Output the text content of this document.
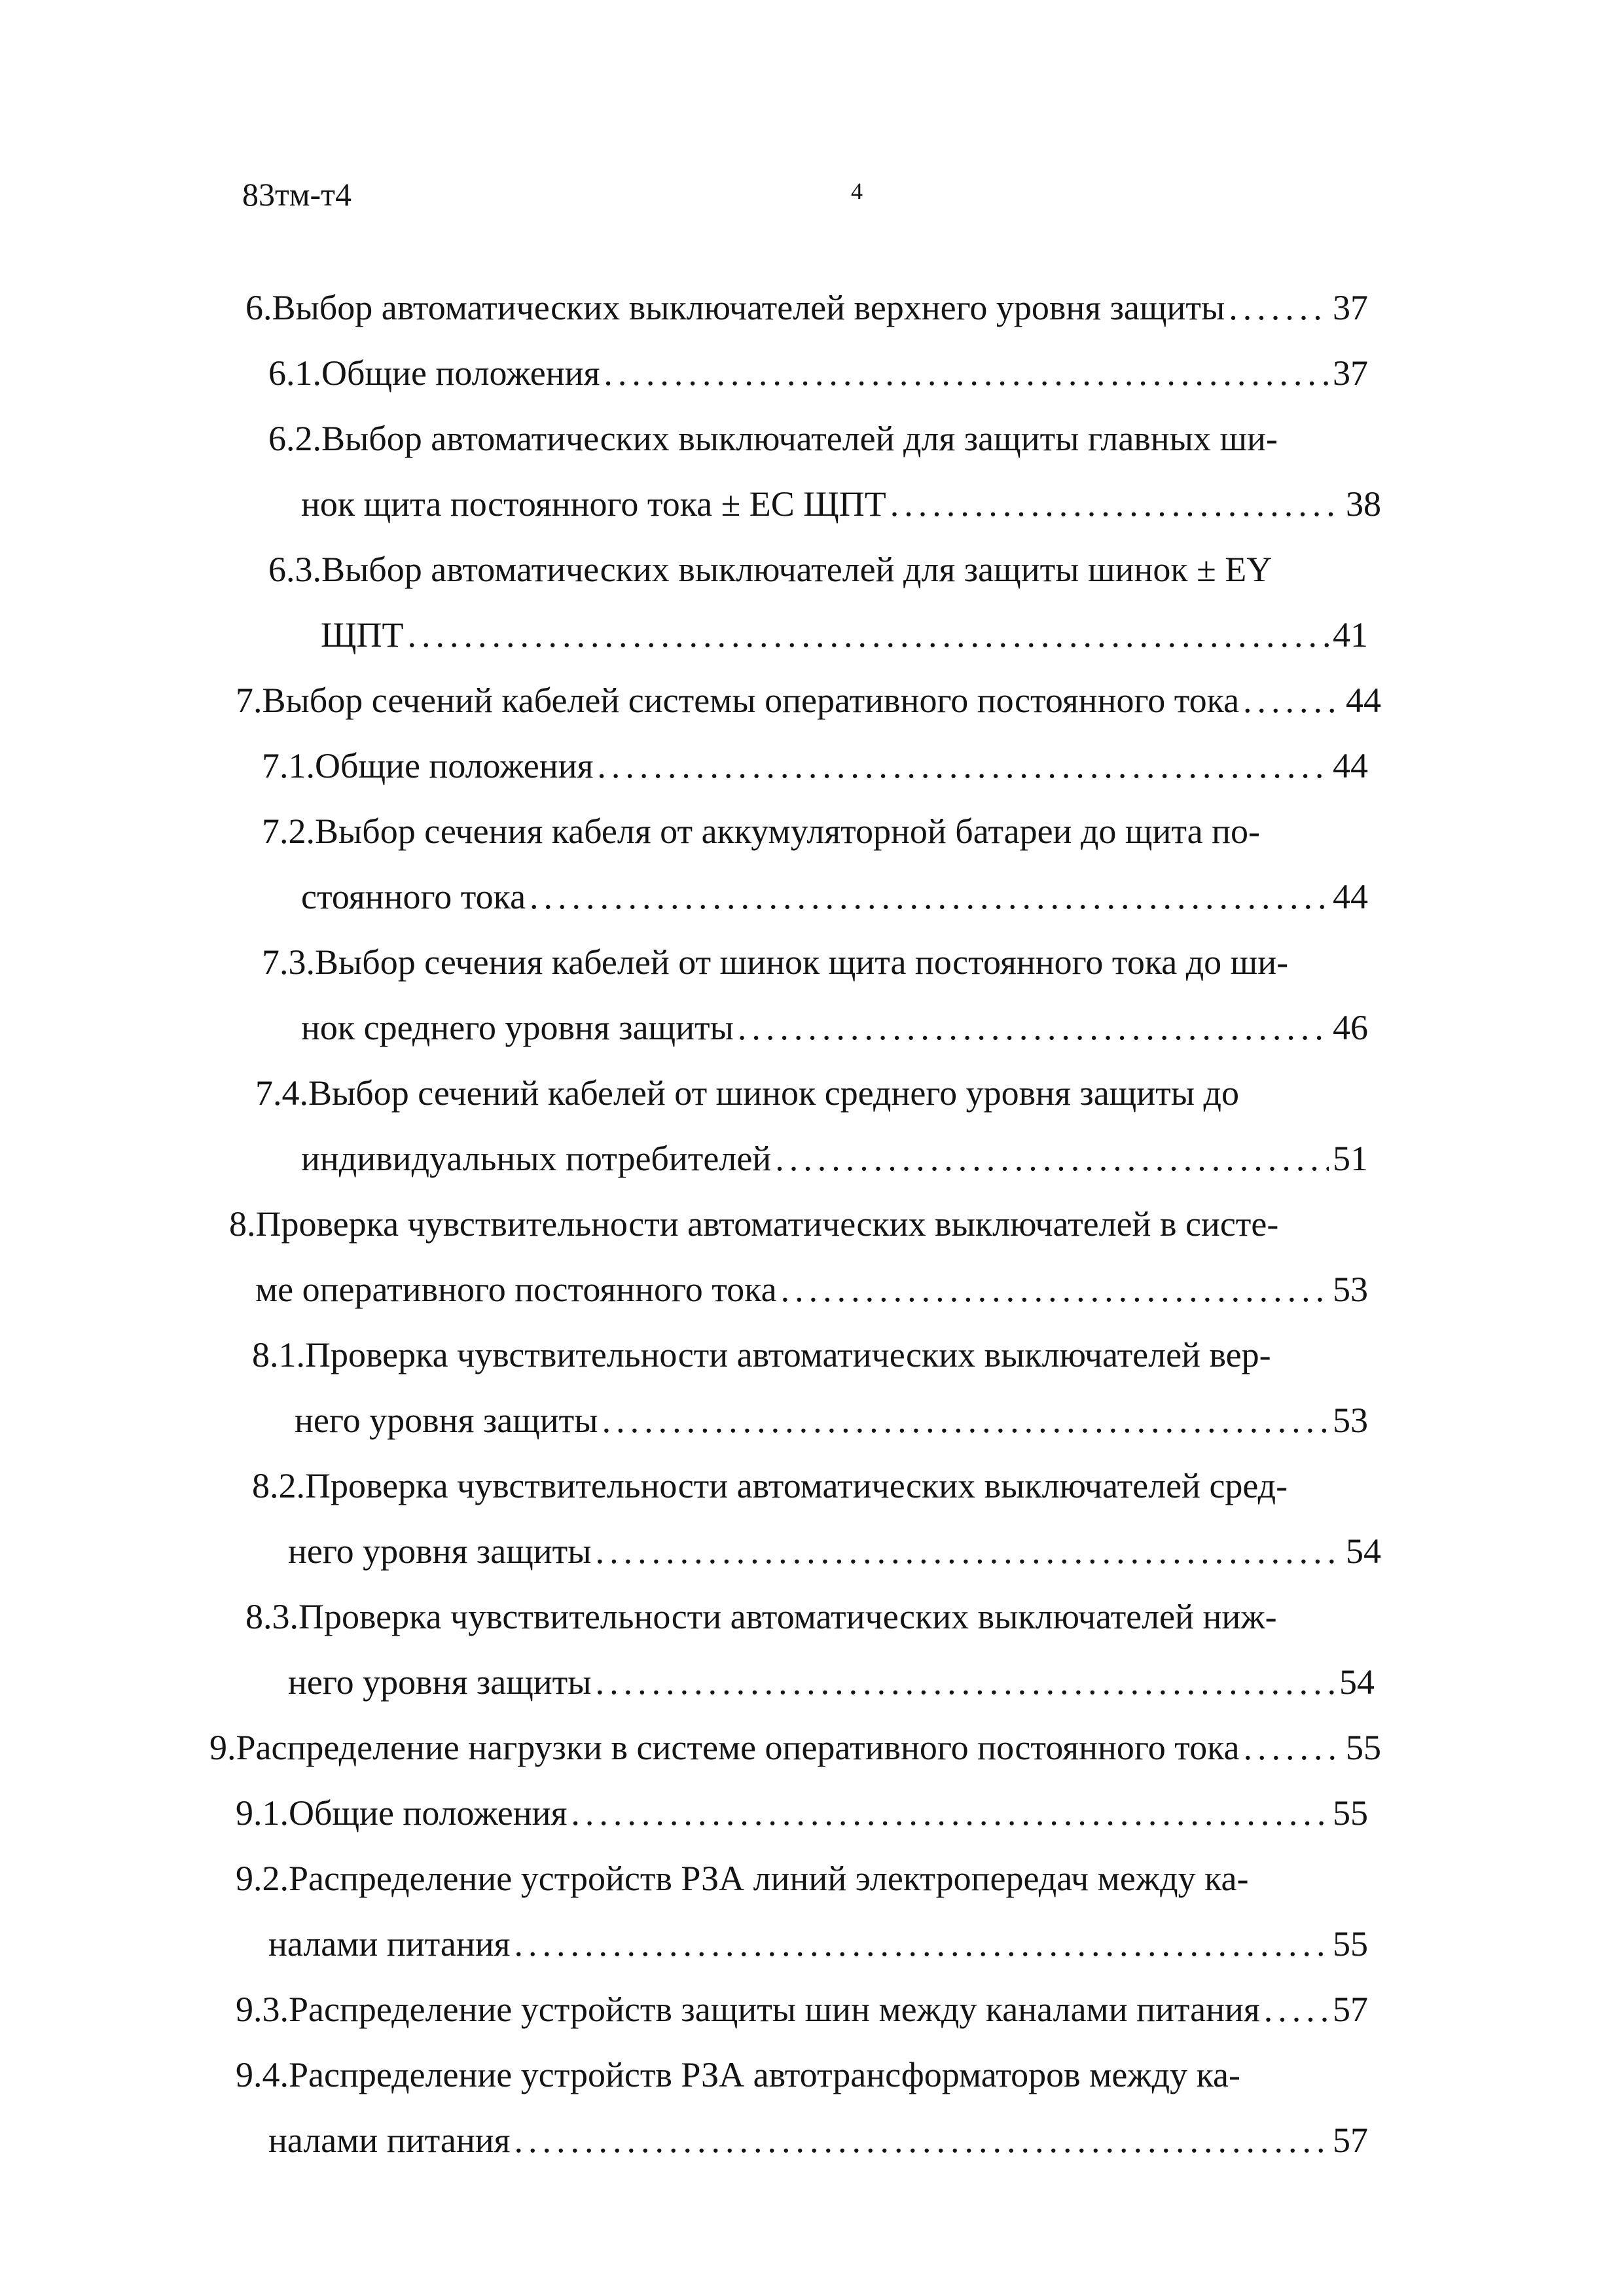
83тм-т4	4
6.Выбор автоматических выключателей верхнего уровня защиты .....	37
6.1.Общие положения .....	37
6.2.Выбор автоматических выключателей для защиты главных ши-
нок щита постоянного тока ± ЕС ЩПТ .....	38
6.3.Выбор автоматических выключателей для защиты шинок ± ЕY
ЩПТ .....	41
7.Выбор сечений кабелей системы оперативного постоянного тока .....	44
7.1.Общие положения .....	44
7.2.Выбор сечения кабеля от аккумуляторной батареи до щита по-
стоянного тока .....	44
7.3.Выбор сечения кабелей от шинок щита постоянного тока до ши-
нок среднего уровня защиты .....	46
7.4.Выбор сечений кабелей от шинок среднего уровня защиты до
индивидуальных потребителей .....	51
8.Проверка чувствительности автоматических выключателей в систе-
ме оперативного постоянного тока .....	53
8.1.Проверка чувствительности автоматических выключателей вер-
него уровня защиты .....	53
8.2.Проверка чувствительности автоматических выключателей сред-
него уровня защиты .....	54
8.3.Проверка чувствительности автоматических выключателей ниж-
него уровня защиты .....	54
9.Распределение нагрузки в системе оперативного постоянного тока .....	55
9.1.Общие положения .....	55
9.2.Распределение устройств РЗА линий электропередач между ка-
налами питания .....	55
9.3.Распределение устройств защиты шин между каналами питания ..... 57
9.4.Распределение устройств РЗА автотрансформаторов между ка-
налами питания .....	57
